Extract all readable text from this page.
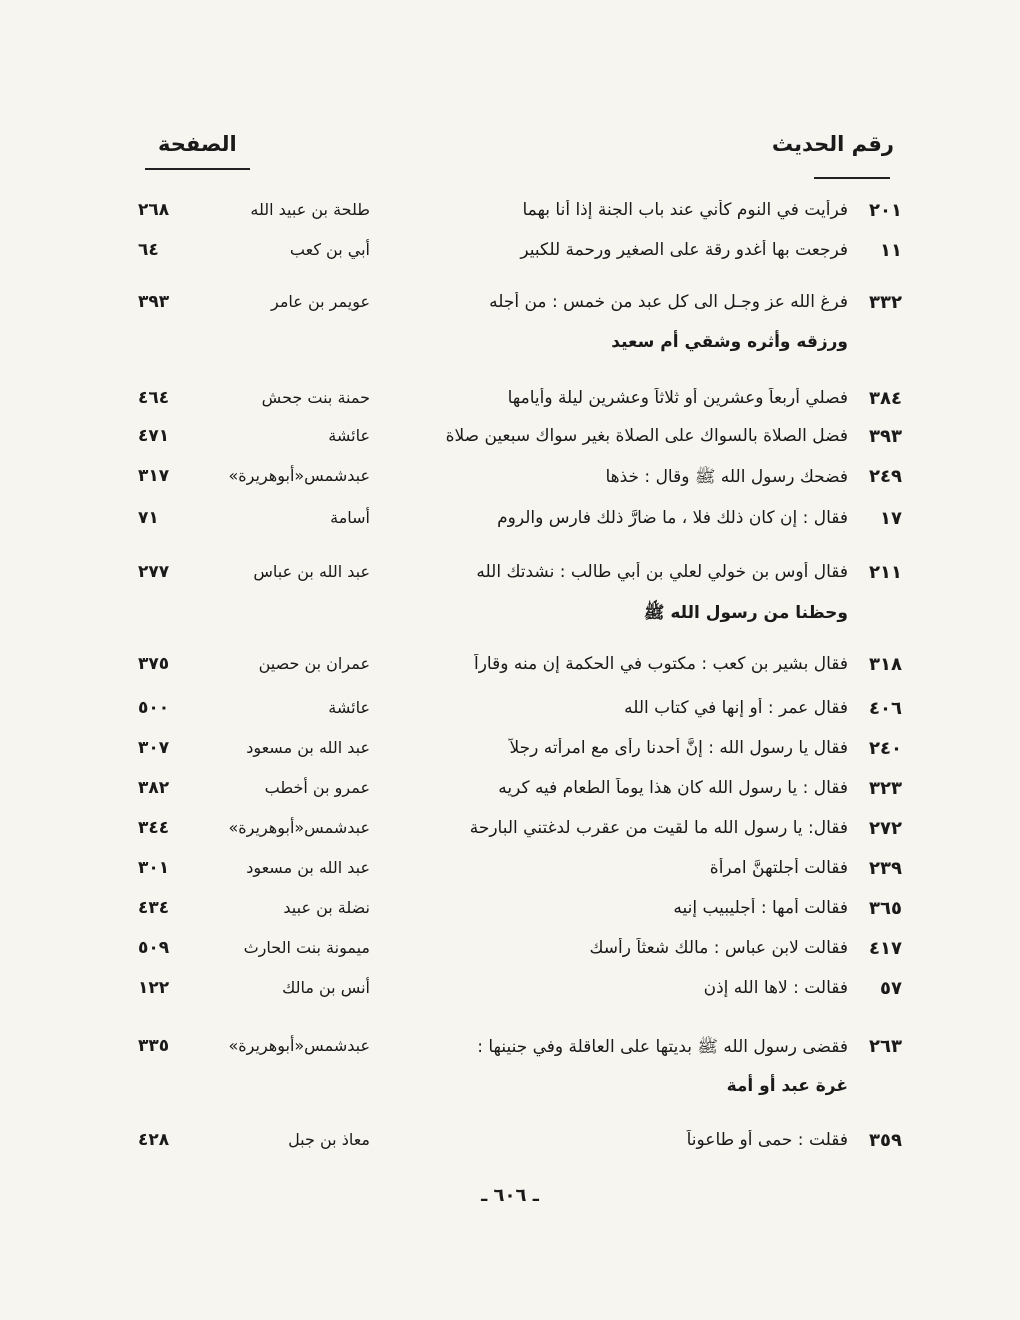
رقم الحديث
الصفحة
٢٠١
فرأيت في النوم كأني عند باب الجنة إذا أنا بهما
طلحة بن عبيد الله
٢٦٨
١١
فرجعت بها أغدو رقة على الصغير ورحمة للكبير
أبي بن كعب
٦٤
٣٣٢
فرغ الله عز وجـل الى كل عبد من خمس : من أجله
ورزقه وأثره وشقي أم سعيد
عويمر بن عامر
٣٩٣
٣٨٤
فصلي أربعاً وعشرين أو ثلاثاً وعشرين ليلة وأيامها
حمنة بنت جحش
٤٦٤
٣٩٣
فضل الصلاة بالسواك على الصلاة بغير سواك سبعين صلاة
عائشة
٤٧١
٢٤٩
فضحك رسول الله ﷺ وقال : خذها
عبدشمس«أبوهريرة»
٣١٧
١٧
فقال : إن كان ذلك فلا ، ما ضارَّ ذلك فارس والروم
أسامة
٧١
٢١١
فقال أوس بن خولي لعلي بن أبي طالب : نشدتك الله
وحظنا من رسول الله ﷺ
عبد الله بن عباس
٢٧٧
٣١٨
فقال بشير بن كعب : مكتوب في الحكمة إن منه وقاراً
عمران بن حصين
٣٧٥
٤٠٦
فقال عمر : أو إنها في كتاب الله
عائشة
٥٠٠
٢٤٠
فقال يا رسول الله : إنَّ أحدنا رأى مع امرأته رجلاً
عبد الله بن مسعود
٣٠٧
٣٢٣
فقال : يا رسول الله كان هذا يوماً الطعام فيه كريه
عمرو بن أخطب
٣٨٢
٢٧٢
فقال: يا رسول الله ما لقيت من عقرب لدغتني البارحة
عبدشمس«أبوهريرة»
٣٤٤
٢٣٩
فقالت أجلتهنَّ امرأة
عبد الله بن مسعود
٣٠١
٣٦٥
فقالت أمها : أجليبيب إنيه
نضلة بن عبيد
٤٣٤
٤١٧
فقالت لابن عباس : مالك شعثاً رأسك
ميمونة بنت الحارث
٥٠٩
٥٧
فقالت : لاها الله إذن
أنس بن مالك
١٢٢
٢٦٣
فقضى رسول الله ﷺ بديتها على العاقلة وفي جنينها :
غرة عبد أو أمة
عبدشمس«أبوهريرة»
٣٣٥
٣٥٩
فقلت : حمى أو طاعوناً
معاذ بن جبل
٤٢٨
ـ ٦٠٦ ـ
